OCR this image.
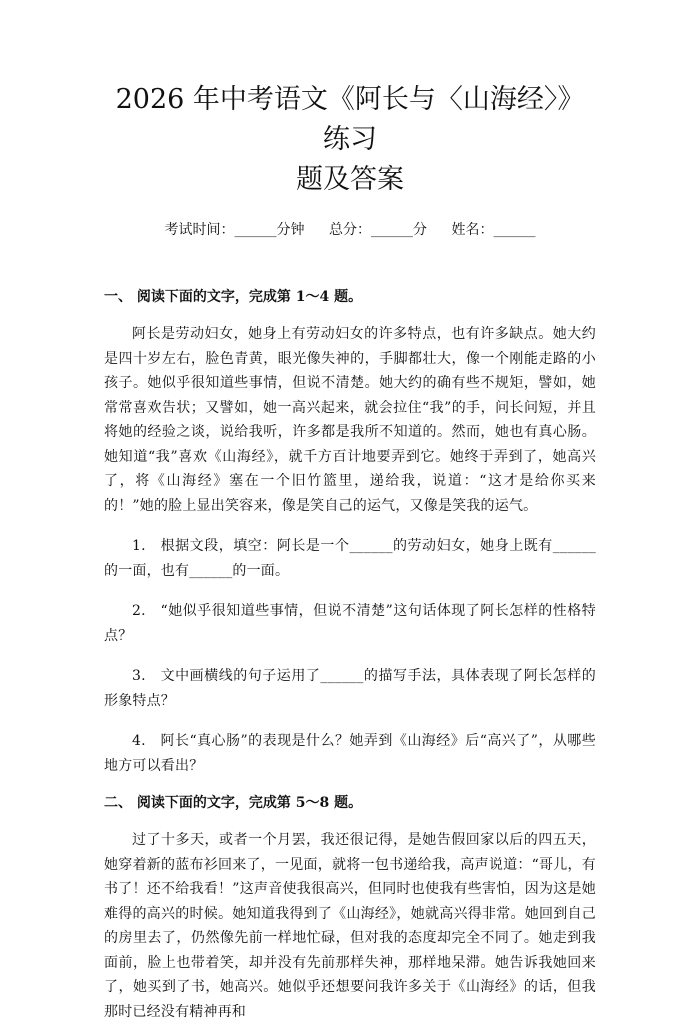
2026 年中考语文《阿长与〈山海经〉》练习
题及答案
考试时间：______分钟 总分：______分 姓名：______

一、 阅读下面的文字，完成第 1～4 题。

阿长是劳动妇女，她身上有劳动妇女的许多特点，也有许多缺点。她大约是四十岁左右，脸色青黄，眼光像失神的，手脚都壮大，像一个刚能走路的小孩子。她似乎很知道些事情，但说不清楚。她大约的确有些不规矩，譬如，她常常喜欢告状；又譬如，她一高兴起来，就会拉住“我”的手，问长问短，并且将她的经验之谈，说给我听，许多都是我所不知道的。然而，她也有真心肠。她知道“我”喜欢《山海经》，就千方百计地要弄到它。她终于弄到了，她高兴了，将《山海经》塞在一个旧竹篮里，递给我，说道：“这才是给你买来的！”她的脸上显出笑容来，像是笑自己的运气，又像是笑我的运气。

1.　根据文段，填空：阿长是一个______的劳动妇女，她身上既有______的一面，也有______的一面。

2.　“她似乎很知道些事情，但说不清楚”这句话体现了阿长怎样的性格特点？

3.　文中画横线的句子运用了______的描写手法，具体表现了阿长怎样的形象特点？

4.　阿长“真心肠”的表现是什么？她弄到《山海经》后“高兴了”，从哪些地方可以看出？

二、 阅读下面的文字，完成第 5～8 题。

过了十多天，或者一个月罢，我还很记得，是她告假回家以后的四五天，她穿着新的蓝布衫回来了，一见面，就将一包书递给我，高声说道：“哥儿，有书了！还不给我看！”这声音使我很高兴，但同时也使我有些害怕，因为这是她难得的高兴的时候。她知道我得到了《山海经》，她就高兴得非常。她回到自己的房里去了，仍然像先前一样地忙碌，但对我的态度却完全不同了。她走到我面前，脸上也带着笑，却并没有先前那样失神，那样地呆滞。她告诉我她回来了，她买到了书，她高兴。她似乎还想要问我许多关于《山海经》的话，但我那时已经没有精神再和
